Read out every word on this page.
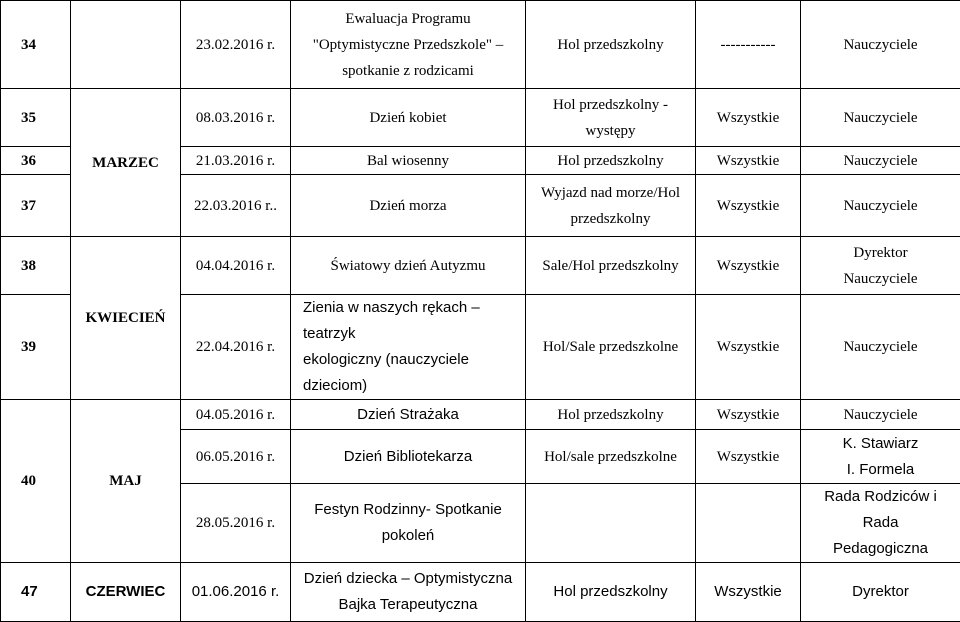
34		23.02.2016 r.	Ewaluacja Programu
"Optymistyczne Przedszkole" –
spotkanie z rodzicami	Hol przedszkolny	-----------	Nauczyciele
35	MARZEC	08.03.2016 r.	Dzień kobiet	Hol przedszkolny -
występy	Wszystkie	Nauczyciele
36		21.03.2016 r.	Bal wiosenny	Hol przedszkolny	Wszystkie	Nauczyciele
37		22.03.2016 r..	Dzień morza	Wyjazd nad morze/Hol
przedszkolny	Wszystkie	Nauczyciele
38	KWIECIEŃ	04.04.2016 r.	Światowy dzień Autyzmu	Sale/Hol przedszkolny	Wszystkie	Dyrektor
Nauczyciele

39		22.04.2016 r.	Zienia w naszych rękach – teatrzyk
ekologiczny (nauczyciele dzieciom)	Hol/Sale przedszkolne	Wszystkie	Nauczyciele
40	MAJ	04.05.2016 r.	Dzień Strażaka	Hol przedszkolny	Wszystkie	Nauczyciele
		06.05.2016 r.	Dzień Bibliotekarza	Hol/sale przedszkolne	Wszystkie	K. Stawiarz
I. Formela

		28.05.2016 r.	Festyn Rodzinny- Spotkanie
pokoleń			Rada Rodziców i Rada
Pedagogiczna

47	CZERWIEC	01.06.2016 r.	Dzień dziecka – Optymistyczna
Bajka Terapeutyczna	Hol przedszkolny	Wszystkie	Dyrektor
